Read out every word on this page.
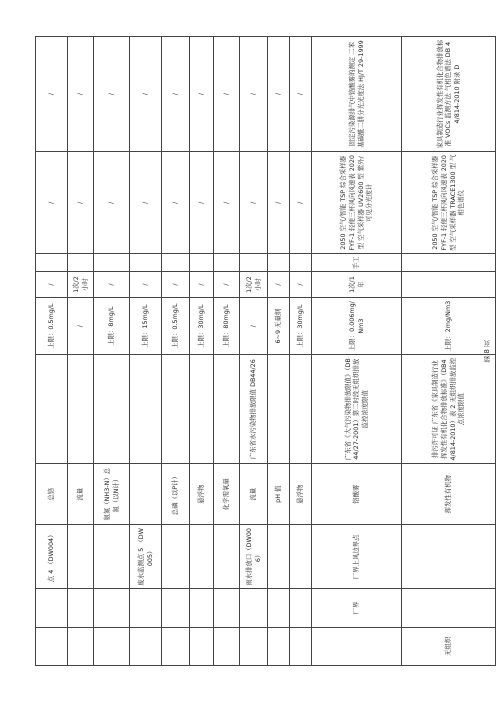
		点 4 （DW004）	总铬		上限：0.5mg/L	/		/	/
			流量		/	1次/2小时		/	/
			氨氮（NH3-N）总氮（以N计）		上限：8mg/L	/		/	/
		废水监测点 5 （DW005）			上限：15mg/L	/		/	/
			总磷（以P计）		上限：0.5mg/L	/		/	/
			悬浮物		上限：30mg/L	/		/	/
			化学需氧量		上限：80mg/L	/		/	/
		雨水排放口（DW006）	流量	广东省水污染物排放限值 DB44/26	/	1次/2小时		/	/
			pH 值		6~9 无量纲	/		/	/
			悬浮物		上限：30mg/L	/		/	/
	厂界	厂界上风边界点	铬酸雾	广东省《大气污染物排放限值》（DB44/27-2001）第二时段无组织排放监控浓度限值	上限：0.006mg/Nm3	1次/1年	手工	2050 空气/智能 TSP 综合采样器 FYF-1 轻便三杯风向风速表 2020 型 空气采样器 UV2600 型 紫外/可见分光度计	固定污染源排气中铬酸雾的测定 二苯基碳酰二肼分光光度法 HJ/T 29-1999
无组织			挥发性有机物	排污许可证 广东省《家具制造行业挥发性有机化合物排放标准》（DB44/814-2010）表 2 无组织排放监控点浓度限值	上限：2mg/Nm3			2050 空气/智能 TSP 综合采样器 FYF-1 轻便三杯风向风速表 2020 型 空气采样器 TRACE1300 型 气相色谱仪	家具制造行业挥发性有机化合物排放标准 VOCs 监测方法 气相色谱法 DB 44/814-2010 附录 D
第 8 页
